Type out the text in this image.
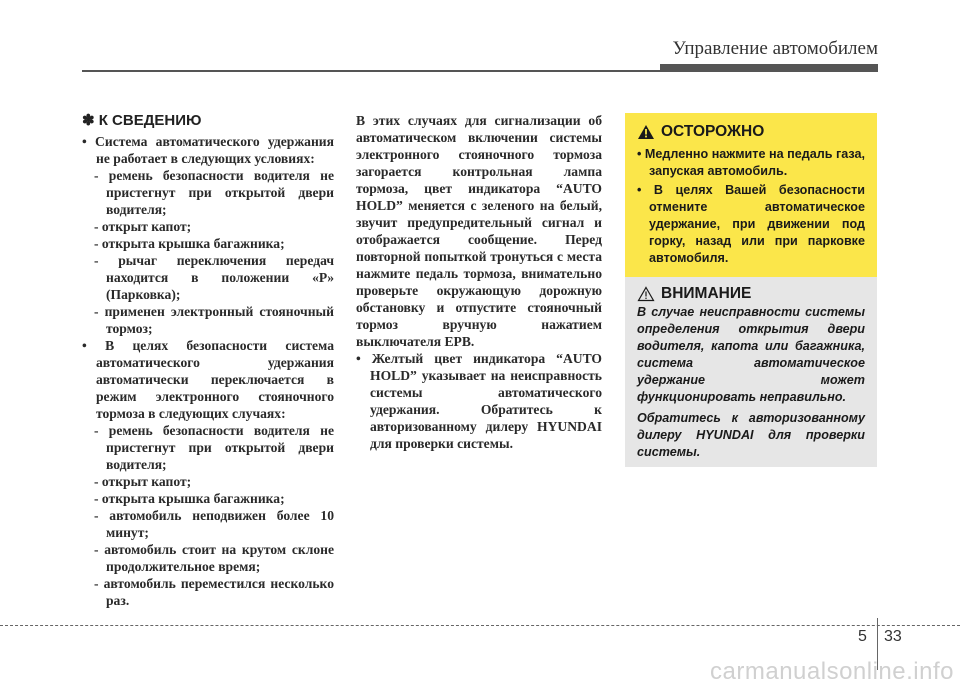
Управление автомобилем
✽ К СВЕДЕНИЮ
• Система автоматического удержания не работает в следующих условиях:
- ремень безопасности водителя не пристегнут при открытой двери водителя;
- открыт капот;
- открыта крышка багажника;
- рычаг переключения передач находится в положении «P» (Парковка);
- применен электронный стояночный тормоз;
• В целях безопасности система автоматического удержания автоматически переключается в режим электронного стояночного тормоза в следующих случаях:
- ремень безопасности водителя не пристегнут при открытой двери водителя;
- открыт капот;
- открыта крышка багажника;
- автомобиль неподвижен более 10 минут;
- автомобиль стоит на крутом склоне продолжительное время;
- автомобиль переместился несколько раз.
В этих случаях для сигнализации об автоматическом включении системы электронного стояночного тормоза загорается контрольная лампа тормоза, цвет индикатора “AUTO HOLD” меняется с зеленого на белый, звучит предупредительный сигнал и отображается сообщение. Перед повторной попыткой тронуться с места нажмите педаль тормоза, внимательно проверьте окружающую дорожную обстановку и отпустите стояночный тормоз вручную нажатием выключателя EPB.
• Желтый цвет индикатора “AUTO HOLD” указывает на неисправность системы автоматического удержания. Обратитесь к авторизованному дилеру HYUNDAI для проверки системы.
ОСТОРОЖНО
• Медленно нажмите на педаль газа, запуская автомобиль.
• В целях Вашей безопасности отмените автоматическое удержание, при движении под горку, назад или при парковке автомобиля.
ВНИМАНИЕ
В случае неисправности системы определения открытия двери водителя, капота или багажника, система автоматическое удержание может функционировать неправильно.
Обратитесь к авторизованному дилеру HYUNDAI для проверки системы.
5 33
carmanualsonline.info
